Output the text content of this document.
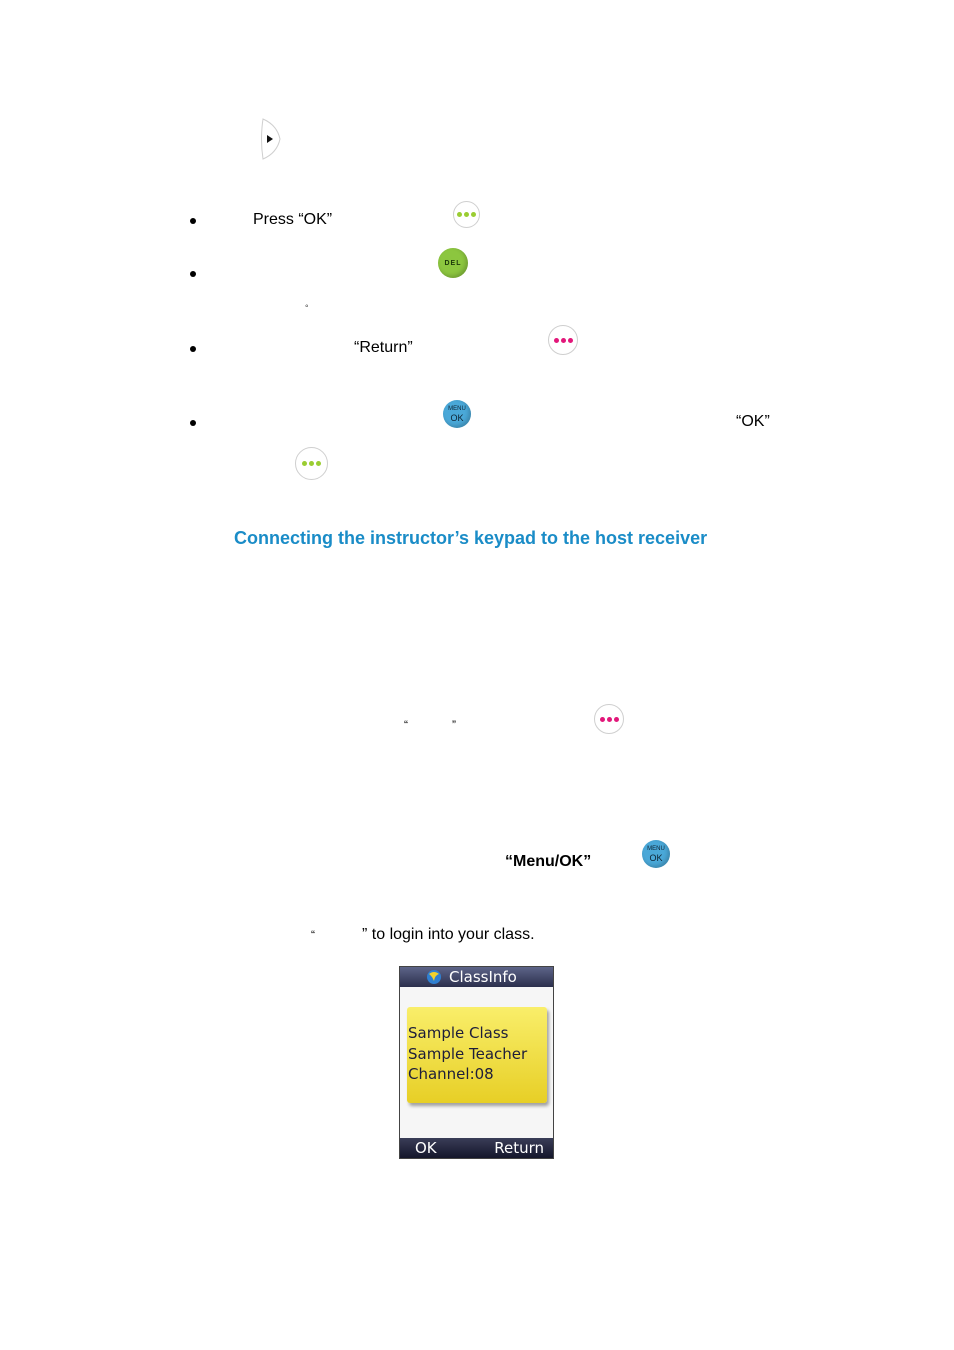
Press “OK”
DEL
◦
“Return”
MENU
OK	“OK”
Connecting the instructor’s keypad to the host receiver
“	”
“Menu/OK”
MENU
OK
“	” to login into your class.
ClassInfo
Sample Class
Sample Teacher
Channel:08
OK	Return
